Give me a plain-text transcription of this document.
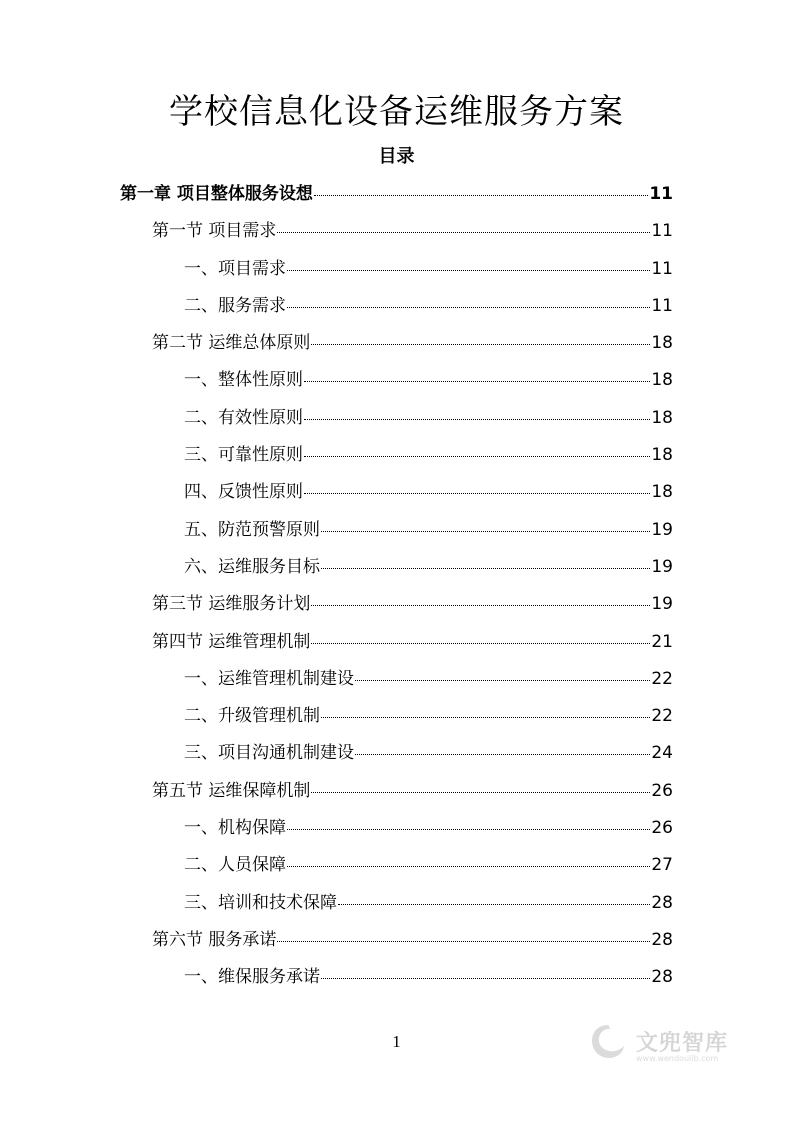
学校信息化设备运维服务方案
目录
第一章 项目整体服务设想	11
第一节 项目需求	11
一、项目需求	11
二、服务需求	11
第二节 运维总体原则	18
一、整体性原则	18
二、有效性原则	18
三、可靠性原则	18
四、反馈性原则	18
五、防范预警原则	19
六、运维服务目标	19
第三节 运维服务计划	19
第四节 运维管理机制	21
一、运维管理机制建设	22
二、升级管理机制	22
三、项目沟通机制建设	24
第五节 运维保障机制	26
一、机构保障	26
二、人员保障	27
三、培训和技术保障	28
第六节 服务承诺	28
一、维保服务承诺	28
1	文兜智库
www.wendoulib.com
